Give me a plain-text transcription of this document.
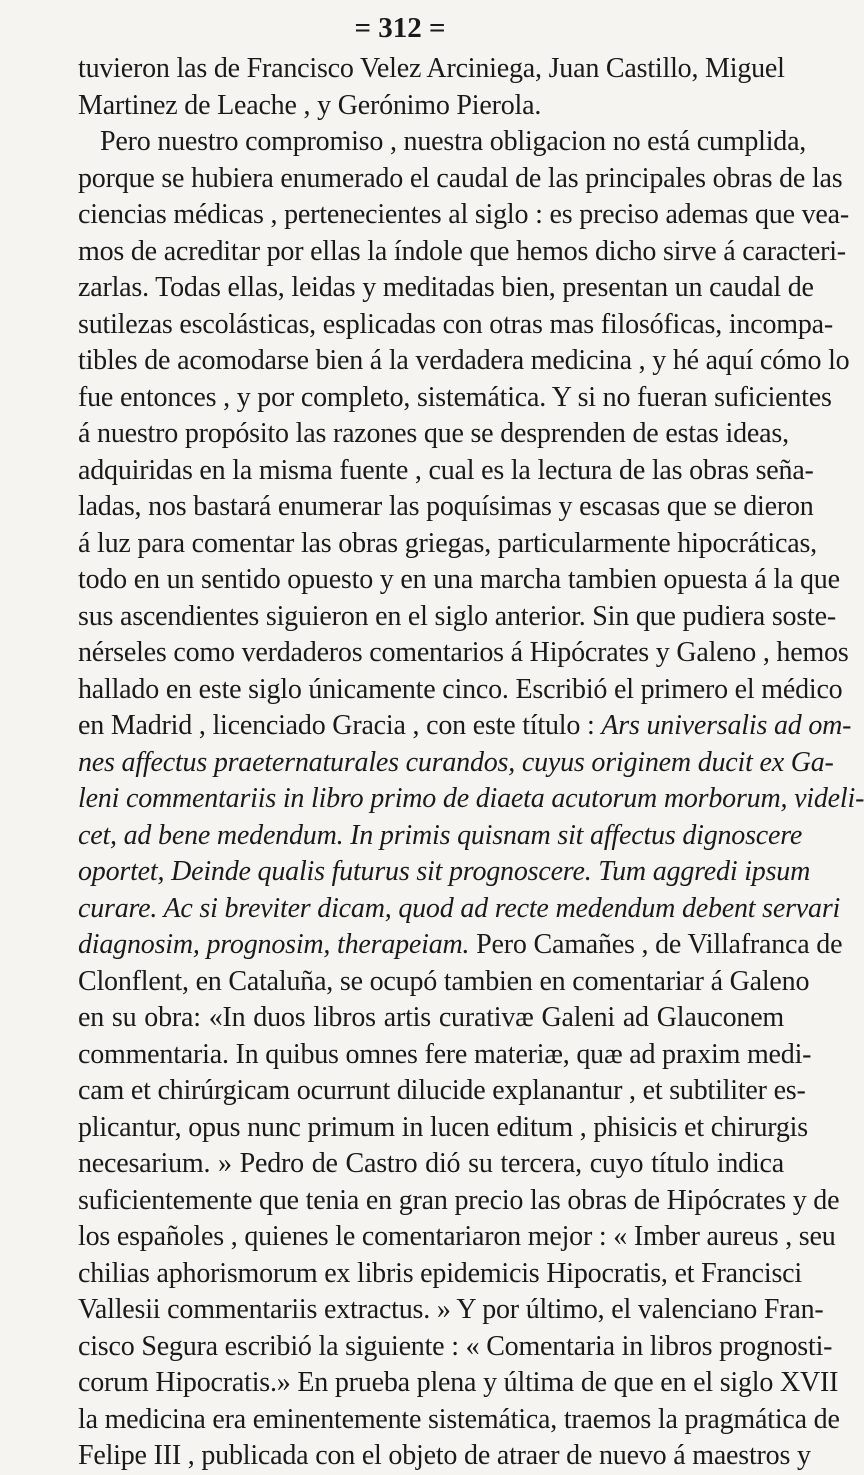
= 312 =
tuvieron las de Francisco Velez Arciniega, Juan Castillo, Miguel
Martinez de Leache , y Gerónimo Pierola.
Pero nuestro compromiso , nuestra obligacion no está cumplida,
porque se hubiera enumerado el caudal de las principales obras de las
ciencias médicas , pertenecientes al siglo : es preciso ademas que vea-
mos de acreditar por ellas la índole que hemos dicho sirve á caracteri-
zarlas. Todas ellas, leidas y meditadas bien, presentan un caudal de
sutilezas escolásticas, esplicadas con otras mas filosóficas, incompa-
tibles de acomodarse bien á la verdadera medicina , y hé aquí cómo lo
fue entonces , y por completo, sistemática. Y si no fueran suficientes
á nuestro propósito las razones que se desprenden de estas ideas,
adquiridas en la misma fuente , cual es la lectura de las obras seña-
ladas, nos bastará enumerar las poquísimas y escasas que se dieron
á luz para comentar las obras griegas, particularmente hipocráticas,
todo en un sentido opuesto y en una marcha tambien opuesta á la que
sus ascendientes siguieron en el siglo anterior. Sin que pudiera soste-
nérseles como verdaderos comentarios á Hipócrates y Galeno , hemos
hallado en este siglo únicamente cinco. Escribió el primero el médico
en Madrid , licenciado Gracia , con este título : Ars universalis ad om-
nes affectus praeternaturales curandos, cuyus originem ducit ex Ga-
leni commentariis in libro primo de diaeta acutorum morborum, videli-
cet, ad bene medendum. In primis quisnam sit affectus dignoscere
oportet, Deinde qualis futurus sit prognoscere. Tum aggredi ipsum
curare. Ac si breviter dicam, quod ad recte medendum debent servari
diagnosim, prognosim, therapeiam. Pero Camañes , de Villafranca de
Clonflent, en Cataluña, se ocupó tambien en comentariar á Galeno
en su obra: «In duos libros artis curativæ Galeni ad Glauconem
commentaria. In quibus omnes fere materiæ, quæ ad praxim medi-
cam et chirúrgicam ocurrunt dilucide explanantur , et subtiliter es-
plicantur, opus nunc primum in lucen editum , phisicis et chirurgis
necesarium. » Pedro de Castro dió su tercera, cuyo título indica
suficientemente que tenia en gran precio las obras de Hipócrates y de
los españoles , quienes le comentariaron mejor : « Imber aureus , seu
chilias aphorismorum ex libris epidemicis Hipocratis, et Francisci
Vallesii commentariis extractus. » Y por último, el valenciano Fran-
cisco Segura escribió la siguiente : « Comentaria in libros prognosti-
corum Hipocratis.» En prueba plena y última de que en el siglo XVII
la medicina era eminentemente sistemática, traemos la pragmática de
Felipe III , publicada con el objeto de atraer de nuevo á maestros y
